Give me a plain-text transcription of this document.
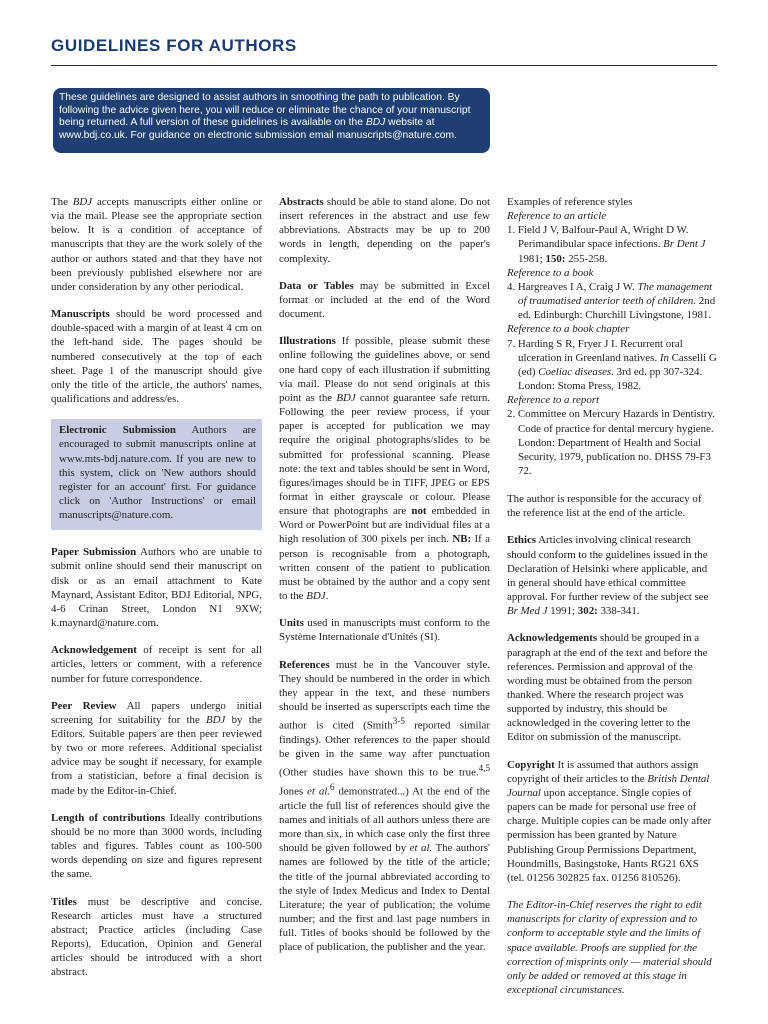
GUIDELINES FOR AUTHORS
These guidelines are designed to assist authors in smoothing the path to publication. By following the advice given here, you will reduce or eliminate the chance of your manuscript being returned. A full version of these guidelines is available on the BDJ website at www.bdj.co.uk. For guidance on electronic submission email manuscripts@nature.com.

The BDJ accepts manuscripts either online or via the mail. Please see the appropriate section below. It is a condition of acceptance of manuscripts that they are the work solely of the author or authors stated and that they have not been previously published elsewhere nor are under consideration by any other periodical.

Manuscripts should be word processed and double-spaced with a margin of at least 4 cm on the left-hand side. The pages should be numbered consecutively at the top of each sheet. Page 1 of the manuscript should give only the title of the article, the authors' names, qualifications and address/es.

Electronic Submission Authors are encouraged to submit manuscripts online at www.mts-bdj.nature.com. If you are new to this system, click on 'New authors should register for an account' first. For guidance click on 'Author Instructions' or email manuscripts@nature.com.

Paper Submission Authors who are unable to submit online should send their manuscript on disk or as an email attachment to Kate Maynard, Assistant Editor, BDJ Editorial, NPG, 4-6 Crinan Street, London N1 9XW; k.maynard@nature.com.

Acknowledgement of receipt is sent for all articles, letters or comment, with a reference number for future correspondence.

Peer Review All papers undergo initial screening for suitability for the BDJ by the Editors. Suitable papers are then peer reviewed by two or more referees. Additional specialist advice may be sought if necessary, for example from a statistician, before a final decision is made by the Editor-in-Chief.

Length of contributions Ideally contributions should be no more than 3000 words, including tables and figures. Tables count as 100-500 words depending on size and figures represent the same.

Titles must be descriptive and concise. Research articles must have a structured abstract; Practice articles (including Case Reports), Education, Opinion and General articles should be introduced with a short abstract.

Abstracts should be able to stand alone. Do not insert references in the abstract and use few abbreviations. Abstracts may be up to 200 words in length, depending on the paper's complexity.

Data or Tables may be submitted in Excel format or included at the end of the Word document.

Illustrations If possible, please submit these online following the guidelines above, or send one hard copy of each illustration if submitting via mail. Please do not send originals at this point as the BDJ cannot guarantee safe return. Following the peer review process, if your paper is accepted for publication we may require the original photographs/slides to be submitted for professional scanning. Please note: the text and tables should be sent in Word, figures/images should be in TIFF, JPEG or EPS format in either grayscale or colour. Please ensure that photographs are not embedded in Word or PowerPoint but are individual files at a high resolution of 300 pixels per inch. NB: If a person is recognisable from a photograph, written consent of the patient to publication must be obtained by the author and a copy sent to the BDJ.

Units used in manuscripts must conform to the Système Internationale d'Unités (SI).

References must be in the Vancouver style. They should be numbered in the order in which they appear in the text, and these numbers should be inserted as superscripts each time the author is cited (Smith$^{3-5}$ reported similar findings). Other references to the paper should be given in the same way after punctuation (Other studies have shown this to be true.$^{4,5}$ Jones et al.$^6$ demonstrated...) At the end of the article the full list of references should give the names and initials of all authors unless there are more than six, in which case only the first three should be given followed by et al. The authors' names are followed by the title of the article; the title of the journal abbreviated according to the style of Index Medicus and Index to Dental Literature; the year of publication; the volume number; and the first and last page numbers in full. Titles of books should be followed by the place of publication, the publisher and the year.

Examples of reference styles
Reference to an article
1. Field J V, Balfour-Paul A, Wright D W. Perimandibular space infections. Br Dent J 1981; 150: 255-258.
Reference to a book
4. Hargreaves I A, Craig J W. The management of traumatised anterior teeth of children. 2nd ed. Edinburgh: Churchill Livingstone, 1981.
Reference to a book chapter
7. Harding S R, Fryer J I. Recurrent oral ulceration in Greenland natives. In Casselli G (ed) Coeliac diseases. 3rd ed. pp 307-324. London: Stoma Press, 1982.
Reference to a report
2. Committee on Mercury Hazards in Dentistry. Code of practice for dental mercury hygiene. London: Department of Health and Social Security, 1979, publication no. DHSS 79-F3 72.

The author is responsible for the accuracy of the reference list at the end of the article.

Ethics Articles involving clinical research should conform to the guidelines issued in the Declaration of Helsinki where applicable, and in general should have ethical committee approval. For further review of the subject see Br Med J 1991; 302: 338-341.

Acknowledgements should be grouped in a paragraph at the end of the text and before the references. Permission and approval of the wording must be obtained from the person thanked. Where the research project was supported by industry, this should be acknowledged in the covering letter to the Editor on submission of the manuscript.

Copyright It is assumed that authors assign copyright of their articles to the British Dental Journal upon acceptance. Single copies of papers can be made for personal use free of charge. Multiple copies can be made only after permission has been granted by Nature Publishing Group Permissions Department, Houndmills, Basingstoke, Hants RG21 6XS (tel. 01256 302825 fax. 01256 810526).

The Editor-in-Chief reserves the right to edit manuscripts for clarity of expression and to conform to acceptable style and the limits of space available. Proofs are supplied for the correction of misprints only — material should only be added or removed at this stage in exceptional circumstances.
